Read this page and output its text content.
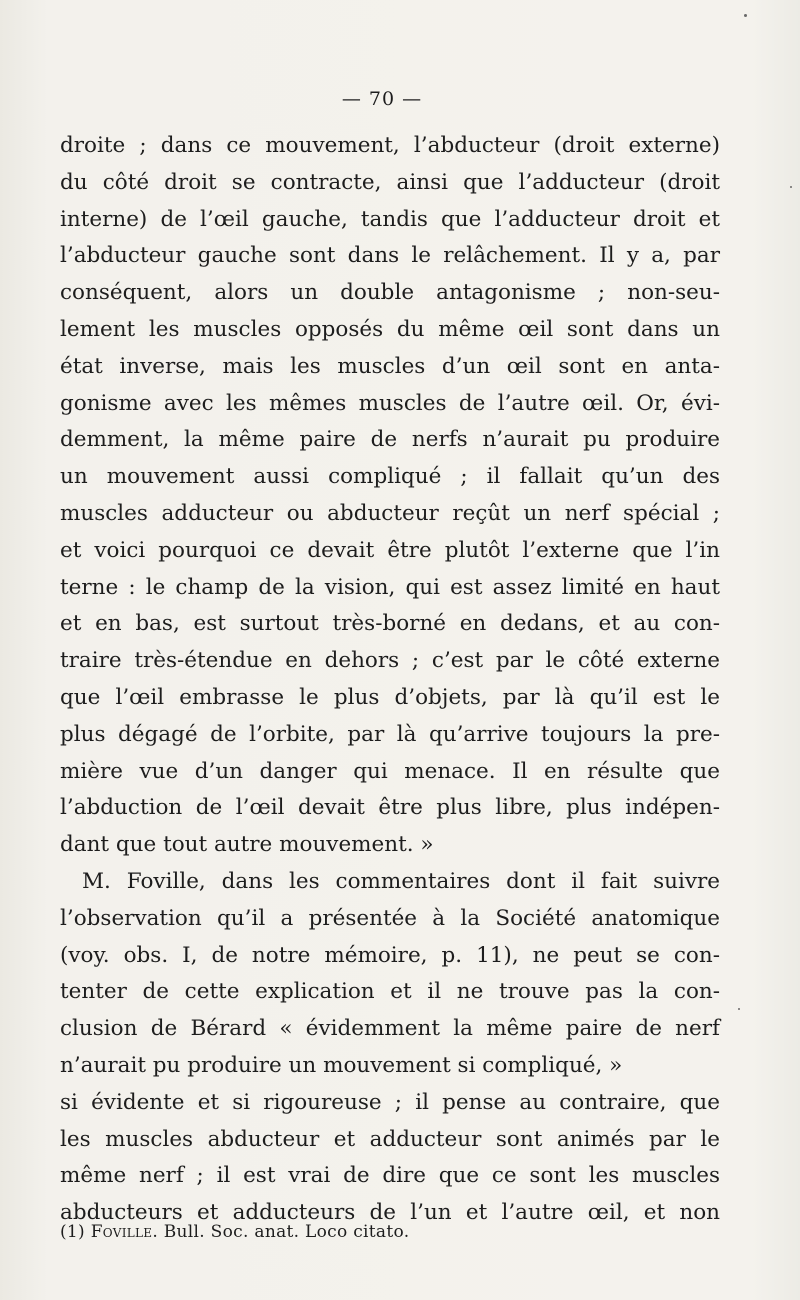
— 70 —
droite ; dans ce mouvement, l’abducteur (droit externe)
du côté droit se contracte, ainsi que l’adducteur (droit
interne) de l’œil gauche, tandis que l’adducteur droit et
l’abducteur gauche sont dans le relâchement. Il y a, par
conséquent, alors un double antagonisme ; non-seu-
lement les muscles opposés du même œil sont dans un
état inverse, mais les muscles d’un œil sont en anta-
gonisme avec les mêmes muscles de l’autre œil. Or, évi-
demment, la même paire de nerfs n’aurait pu produire
un mouvement aussi compliqué ; il fallait qu’un des
muscles adducteur ou abducteur reçût un nerf spécial ;
et voici pourquoi ce devait être plutôt l’externe que l’in
terne : le champ de la vision, qui est assez limité en haut
et en bas, est surtout très-borné en dedans, et au con-
traire très-étendue en dehors ; c’est par le côté externe
que l’œil embrasse le plus d’objets, par là qu’il est le
plus dégagé de l’orbite, par là qu’arrive toujours la pre-
mière vue d’un danger qui menace. Il en résulte que
l’abduction de l’œil devait être plus libre, plus indépen-
dant que tout autre mouvement. »
M. Foville, dans les commentaires dont il fait suivre
l’observation qu’il a présentée à la Société anatomique
(voy. obs. I, de notre mémoire, p. 11), ne peut se con-
tenter de cette explication et il ne trouve pas la con-
clusion de Bérard « évidemment la même paire de nerf
n’aurait pu produire un mouvement si compliqué, »
si évidente et si rigoureuse ; il pense au contraire, que
les muscles abducteur et adducteur sont animés par le
même nerf ; il est vrai de dire que ce sont les muscles
abducteurs et adducteurs de l’un et l’autre œil, et non
(1) Foville. Bull. Soc. anat. Loco citato.
